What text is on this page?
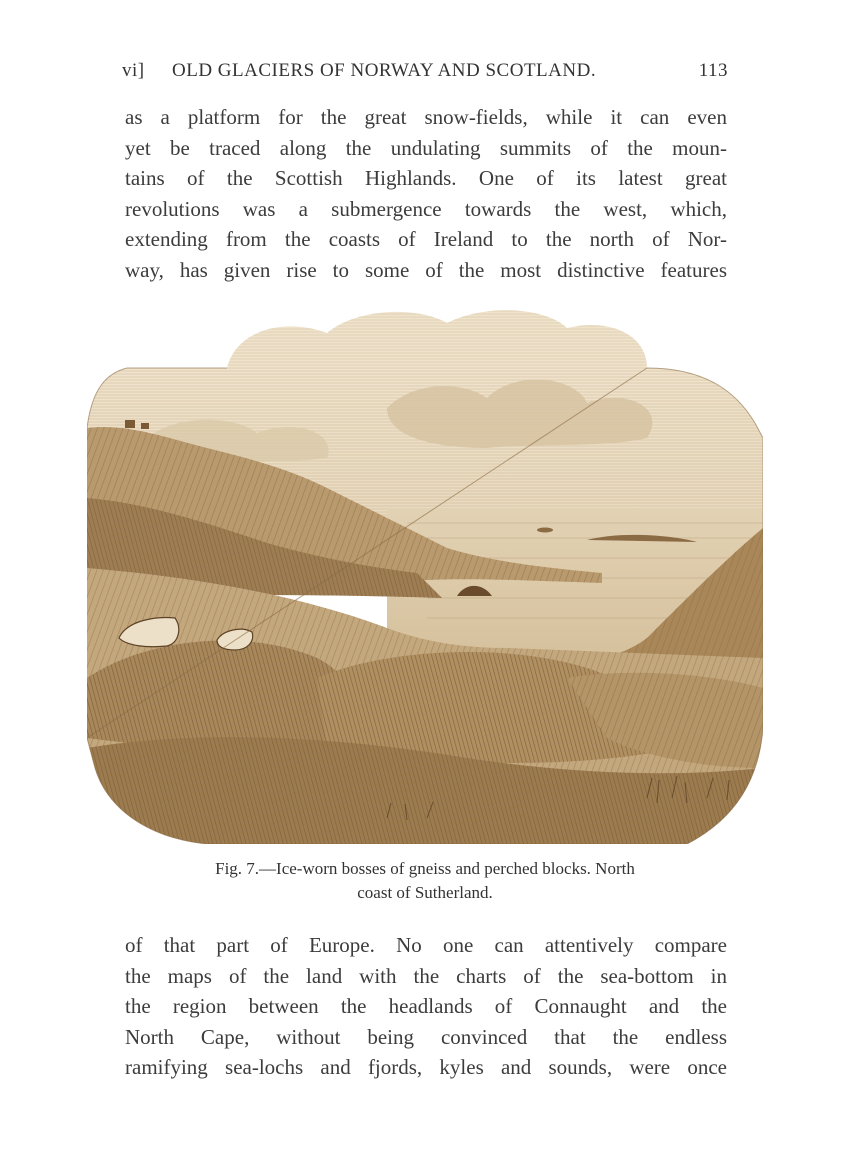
vi] OLD GLACIERS OF NORWAY AND SCOTLAND.	113
as a platform for the great snow-fields, while it can even
yet be traced along the undulating summits of the moun-
tains of the Scottish Highlands. One of its latest great
revolutions was a submergence towards the west, which,
extending from the coasts of Ireland to the north of Nor-
way, has given rise to some of the most distinctive features
Fig. 7.—Ice-worn bosses of gneiss and perched blocks. North
coast of Sutherland.
of that part of Europe. No one can attentively compare
the maps of the land with the charts of the sea-bottom in
the region between the headlands of Connaught and the
North Cape, without being convinced that the endless
ramifying sea-lochs and fjords, kyles and sounds, were once
